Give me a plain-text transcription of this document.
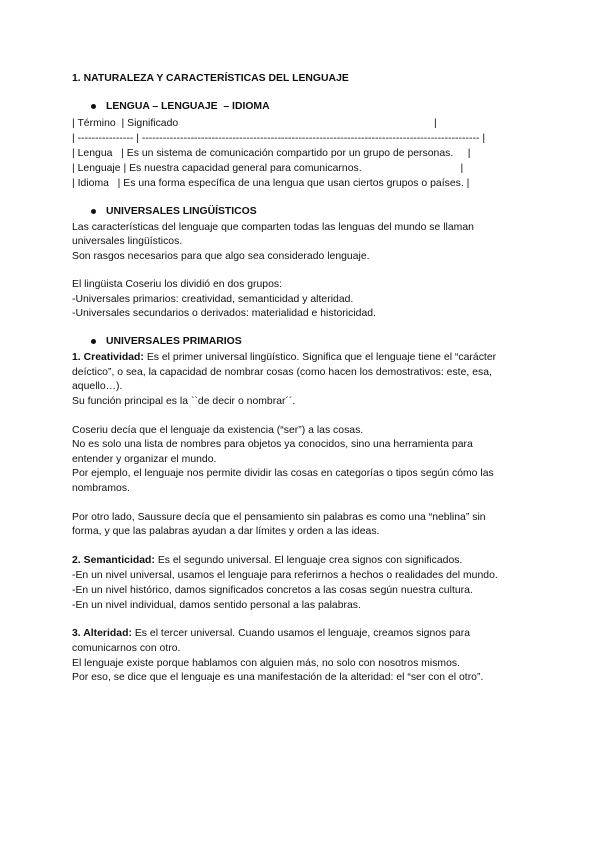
1. NATURALEZA Y CARACTERÍSTICAS DEL LENGUAJE
LENGUA – LENGUAJE  – IDIOMA
| Término  | Significado                                                                                        |
| ---------------- | ------------------------------------------------------------------------------------------------- |
| Lengua   | Es un sistema de comunicación compartido por un grupo de personas.     |
| Lenguaje | Es nuestra capacidad general para comunicarnos.                                  |
| Idioma   | Es una forma específica de una lengua que usan ciertos grupos o países. |
UNIVERSALES LINGÜÍSTICOS
Las características del lenguaje que comparten todas las lenguas del mundo se llaman
universales lingüísticos.
Son rasgos necesarios para que algo sea considerado lenguaje.
El lingüista Coseriu los dividió en dos grupos:
-Universales primarios: creatividad, semanticidad y alteridad.
-Universales secundarios o derivados: materialidad e historicidad.
UNIVERSALES PRIMARIOS
1. Creatividad: Es el primer universal lingüístico. Significa que el lenguaje tiene el “carácter
deíctico”, o sea, la capacidad de nombrar cosas (como hacen los demostrativos: este, esa,
aquello…).
Su función principal es la ``de decir o nombrar´´.
Coseriu decía que el lenguaje da existencia (“ser”) a las cosas.
No es solo una lista de nombres para objetos ya conocidos, sino una herramienta para
entender y organizar el mundo.
Por ejemplo, el lenguaje nos permite dividir las cosas en categorías o tipos según cómo las
nombramos.
Por otro lado, Saussure decía que el pensamiento sin palabras es como una “neblina” sin
forma, y que las palabras ayudan a dar límites y orden a las ideas.
2. Semanticidad: Es el segundo universal. El lenguaje crea signos con significados.
-En un nivel universal, usamos el lenguaje para referirnos a hechos o realidades del mundo.
-En un nivel histórico, damos significados concretos a las cosas según nuestra cultura.
-En un nivel individual, damos sentido personal a las palabras.
3. Alteridad: Es el tercer universal. Cuando usamos el lenguaje, creamos signos para
comunicarnos con otro.
El lenguaje existe porque hablamos con alguien más, no solo con nosotros mismos.
Por eso, se dice que el lenguaje es una manifestación de la alteridad: el “ser con el otro”.
